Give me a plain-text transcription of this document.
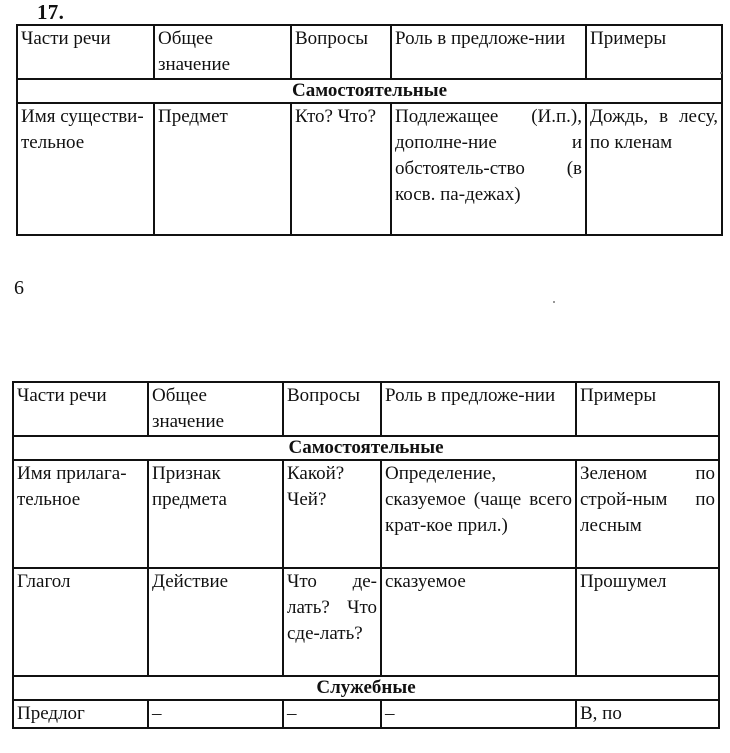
17.
Части речи	Общее значение	Вопросы	Роль в предложе-нии	Примеры
Самостоятельные				
Имя существи-тельное	Предмет	Кто? Что?	Подлежащее (И.п.), дополне-ние и обстоятель-ство (в косв. па-дежах)	Дождь, в лесу, по кленам
6
Части речи	Общее значение	Вопросы	Роль в предложе-нии	Примеры
Самостоятельные				
Имя прилага-тельное	Признак предмета	Какой? Чей?	Определение, сказуемое (чаще всего крат-кое прил.)	Зеленом по строй-ным по лесным
Глагол	Действие	Что де-лать? Что сде-лать?	сказуемое	Прошумел
Служебные				
Предлог	–	–	–	В, по
